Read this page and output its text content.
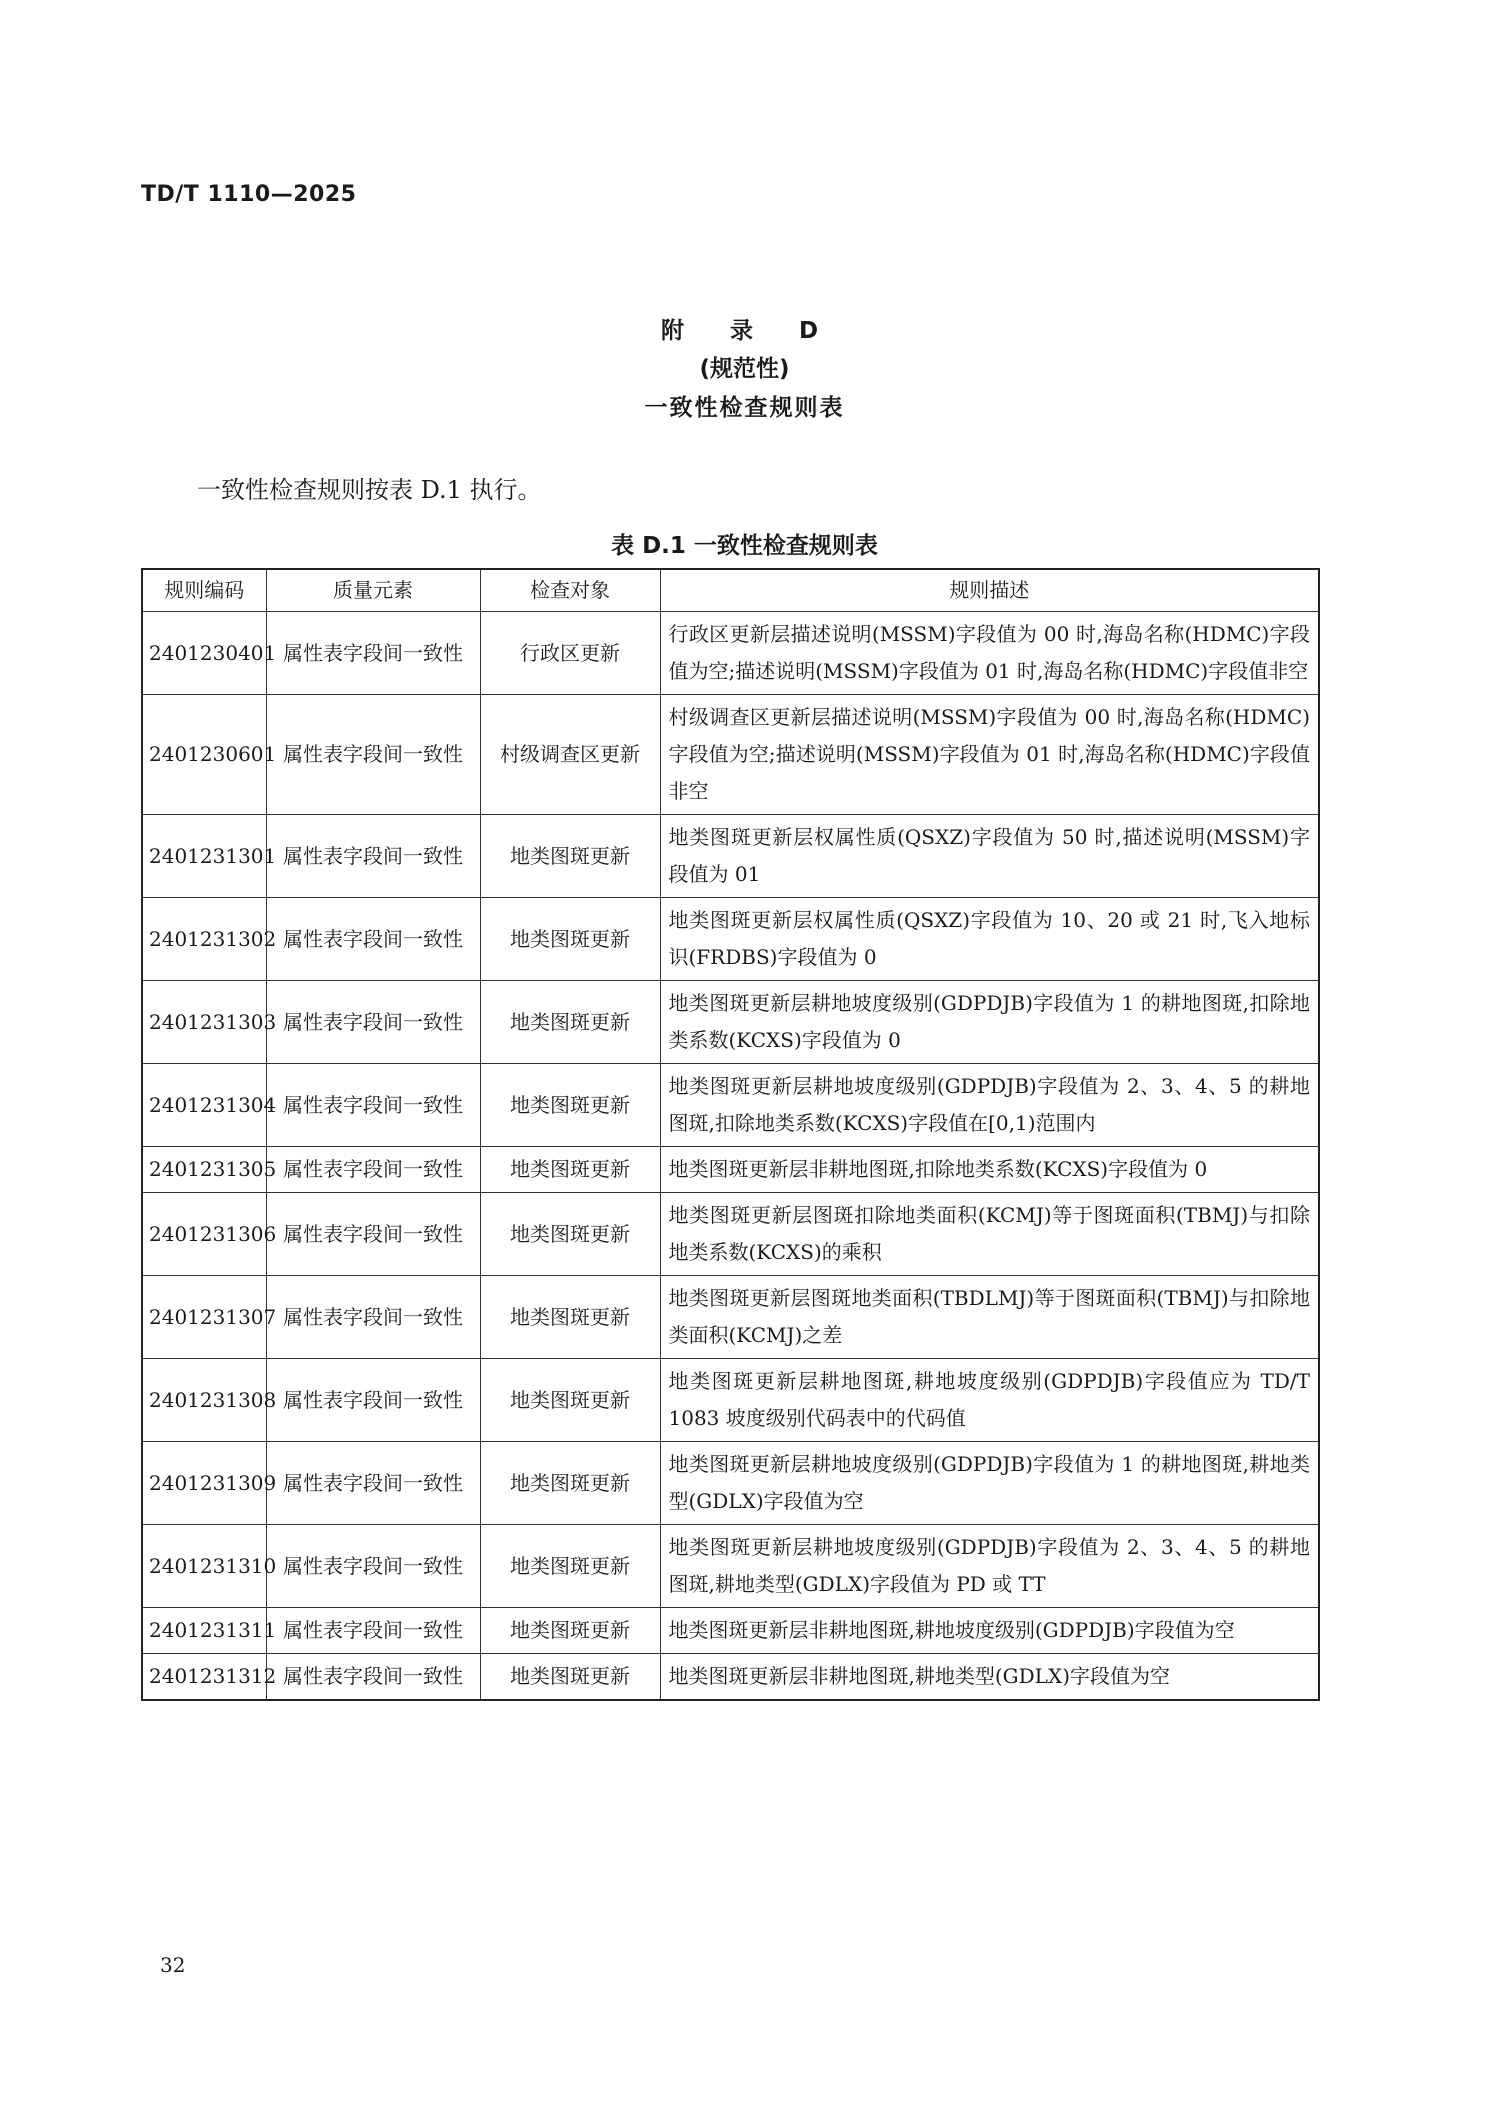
TD/T 1110—2025
附 录 D
(规范性)
一致性检查规则表
一致性检查规则按表 D.1 执行。
表 D.1 一致性检查规则表
规则编码	质量元素	检查对象	规则描述
2401230401	属性表字段间一致性	行政区更新	行政区更新层描述说明(MSSM)字段值为 00 时,海岛名称(HDMC)字段值为空;描述说明(MSSM)字段值为 01 时,海岛名称(HDMC)字段值非空
2401230601	属性表字段间一致性	村级调查区更新	村级调查区更新层描述说明(MSSM)字段值为 00 时,海岛名称(HDMC)字段值为空;描述说明(MSSM)字段值为 01 时,海岛名称(HDMC)字段值非空
2401231301	属性表字段间一致性	地类图斑更新	地类图斑更新层权属性质(QSXZ)字段值为 50 时,描述说明(MSSM)字段值为 01
2401231302	属性表字段间一致性	地类图斑更新	地类图斑更新层权属性质(QSXZ)字段值为 10、20 或 21 时,飞入地标识(FRDBS)字段值为 0
2401231303	属性表字段间一致性	地类图斑更新	地类图斑更新层耕地坡度级别(GDPDJB)字段值为 1 的耕地图斑,扣除地类系数(KCXS)字段值为 0
2401231304	属性表字段间一致性	地类图斑更新	地类图斑更新层耕地坡度级别(GDPDJB)字段值为 2、3、4、5 的耕地图斑,扣除地类系数(KCXS)字段值在[0,1)范围内
2401231305	属性表字段间一致性	地类图斑更新	地类图斑更新层非耕地图斑,扣除地类系数(KCXS)字段值为 0
2401231306	属性表字段间一致性	地类图斑更新	地类图斑更新层图斑扣除地类面积(KCMJ)等于图斑面积(TBMJ)与扣除地类系数(KCXS)的乘积
2401231307	属性表字段间一致性	地类图斑更新	地类图斑更新层图斑地类面积(TBDLMJ)等于图斑面积(TBMJ)与扣除地类面积(KCMJ)之差
2401231308	属性表字段间一致性	地类图斑更新	地类图斑更新层耕地图斑,耕地坡度级别(GDPDJB)字段值应为 TD/T 1083 坡度级别代码表中的代码值
2401231309	属性表字段间一致性	地类图斑更新	地类图斑更新层耕地坡度级别(GDPDJB)字段值为 1 的耕地图斑,耕地类型(GDLX)字段值为空
2401231310	属性表字段间一致性	地类图斑更新	地类图斑更新层耕地坡度级别(GDPDJB)字段值为 2、3、4、5 的耕地图斑,耕地类型(GDLX)字段值为 PD 或 TT
2401231311	属性表字段间一致性	地类图斑更新	地类图斑更新层非耕地图斑,耕地坡度级别(GDPDJB)字段值为空
2401231312	属性表字段间一致性	地类图斑更新	地类图斑更新层非耕地图斑,耕地类型(GDLX)字段值为空
32
